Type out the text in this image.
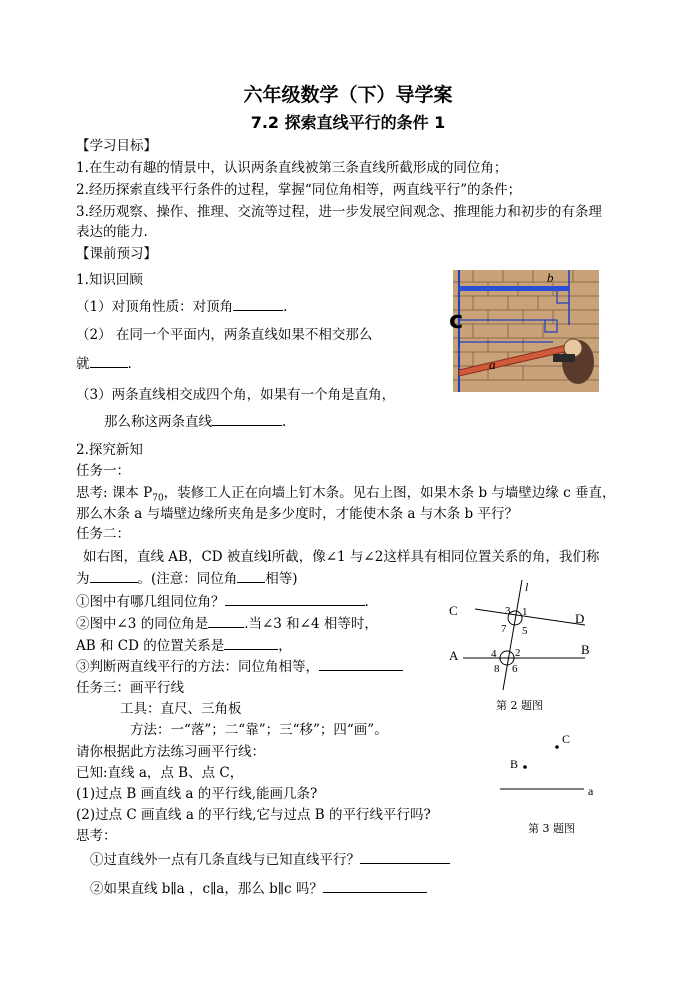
六年级数学（下）导学案
7.2 探索直线平行的条件 1
【学习目标】
1.在生动有趣的情景中，认识两条直线被第三条直线所截形成的同位角；
2.经历探索直线平行条件的过程，掌握“同位角相等，两直线平行”的条件；
3.经历观察、操作、推理、交流等过程，进一步发展空间观念、推理能力和初步的有条理
表达的能力.
【课前预习】
1.知识回顾
（1）对顶角性质：对顶角	.
（2） 在同一个平面内，两条直线如果不相交那么
就	.
（3）两条直线相交成四个角，如果有一个角是直角，
那么称这两条直线	.
b
a
c
2.探究新知
任务一：
思考: 课本 $P_{70}$，装修工人正在向墙上钉木条。见右上图，如果木条 b 与墙壁边缘 c 垂直，
那么木条 a 与墙壁边缘所夹角是多少度时，才能使木条 a 与木条 b 平行？
任务二：
如右图，直线 AB，CD 被直线l所截，像∠1 与∠2这样具有相同位置关系的角，我们称
为	。(注意：同位角 相等)
①图中有哪几组同位角？	.
②图中∠3 的同位角是	.当∠3 和∠4 相等时，
AB 和 CD 的位置关系是	，
③判断两直线平行的方法：同位角相等，
任务三：画平行线
工具：直尺、三角板
方法：一“落”；二“靠”；三“移”；四“画”。
请你根据此方法练习画平行线：
已知:直线 a，点 B、点 C，
(1)过点 B 画直线 a 的平行线,能画几条?
(2)过点 C 画直线 a 的平行线,它与过点 B 的平行线平行吗?
思考：
①过直线外一点有几条直线与已知直线平行？
②如果直线 b∥a ，c∥a，那么 b∥c 吗？
l
C
D
A	B
3 1
7 5
4 2
8 6
第 2 题图
C
B
a
第 3 题图
